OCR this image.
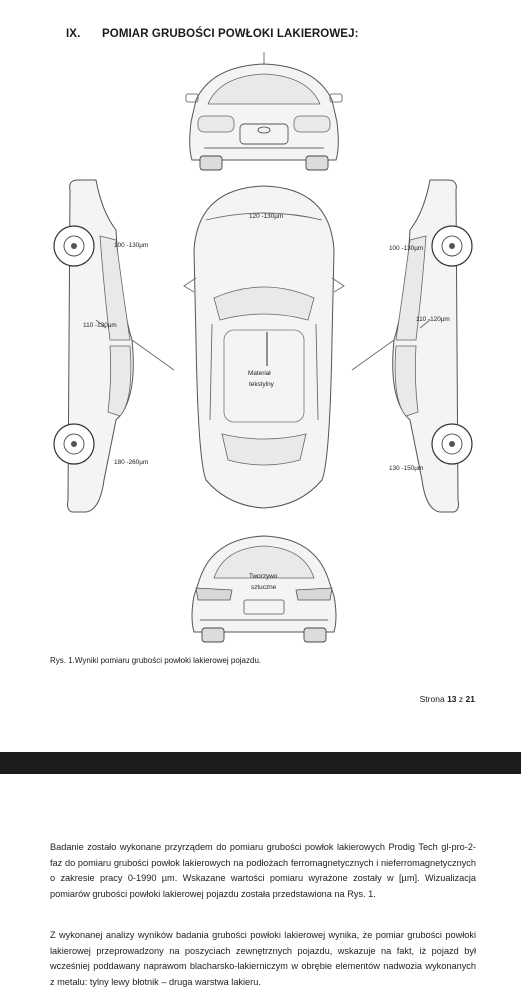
IX. POMIAR GRUBOŚCI POWŁOKI LAKIEROWEJ:
120 -130µm
100 -130µm
110 -130µm
180 -260µm
100 -130µm
110 -120µm
130 -150µm
Materiał
tekstylny
Tworzywo
sztuczne
Rys. 1.Wyniki pomiaru grubości powłoki lakierowej pojazdu.
Strona 13 z 21

Badanie zostało wykonane przyrządem do pomiaru grubości powłok lakierowych Prodig Tech gl-pro-2-faz do pomiaru grubości powłok lakierowych na podłożach ferromagnetycznych i nieferromagnetycznych o zakresie pracy 0-1990 µm. Wskazane wartości pomiaru wyrażone zostały w [µm]. Wizualizacja pomiarów grubości powłoki lakierowej pojazdu została przedstawiona na Rys. 1.

Z wykonanej analizy wyników badania grubości powłoki lakierowej wynika, że pomiar grubości powłoki lakierowej przeprowadzony na poszyciach zewnętrznych pojazdu, wskazuje na fakt, iż pojazd był wcześniej poddawany naprawom blacharsko-lakierniczym w obrębie elementów nadwozia wykonanych z metalu: tylny lewy błotnik – druga warstwa lakieru.
